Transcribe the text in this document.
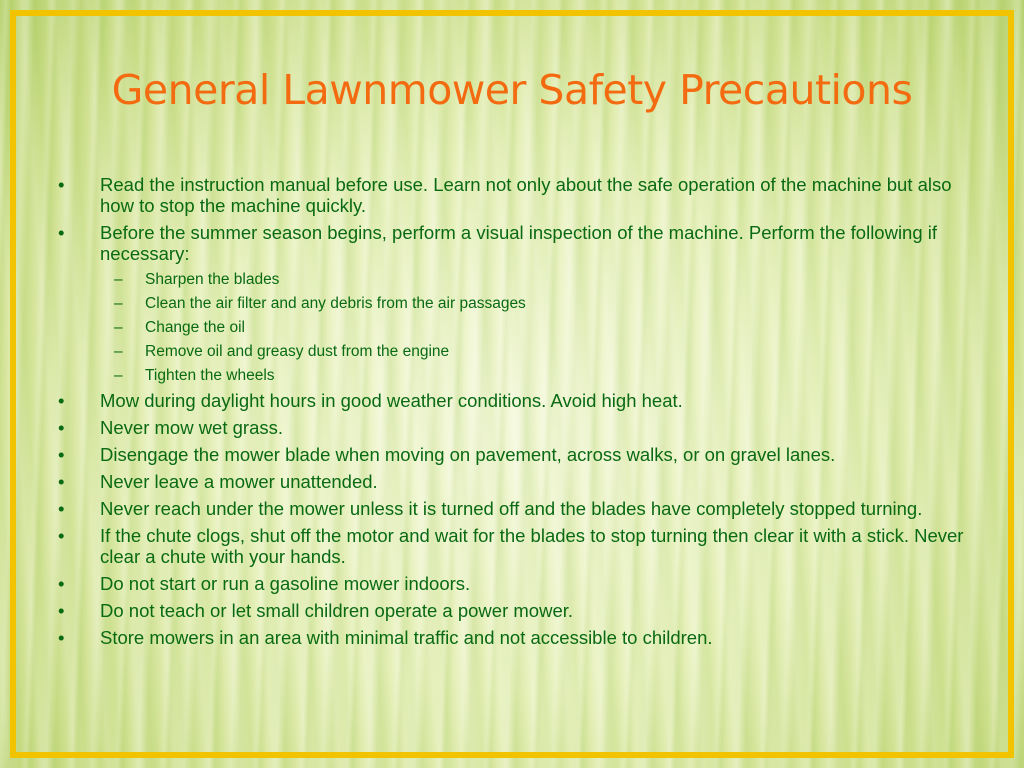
General Lawnmower Safety Precautions
• Read the instruction manual before use. Learn not only about the safe operation of the machine but also how to stop the machine quickly.
• Before the summer season begins, perform a visual inspection of the machine. Perform the following if necessary:
– Sharpen the blades
– Clean the air filter and any debris from the air passages
– Change the oil
– Remove oil and greasy dust from the engine
– Tighten the wheels
• Mow during daylight hours in good weather conditions. Avoid high heat.
• Never mow wet grass.
• Disengage the mower blade when moving on pavement, across walks, or on gravel lanes.
• Never leave a mower unattended.
• Never reach under the mower unless it is turned off and the blades have completely stopped turning.
• If the chute clogs, shut off the motor and wait for the blades to stop turning then clear it with a stick. Never clear a chute with your hands.
• Do not start or run a gasoline mower indoors.
• Do not teach or let small children operate a power mower.
• Store mowers in an area with minimal traffic and not accessible to children.
